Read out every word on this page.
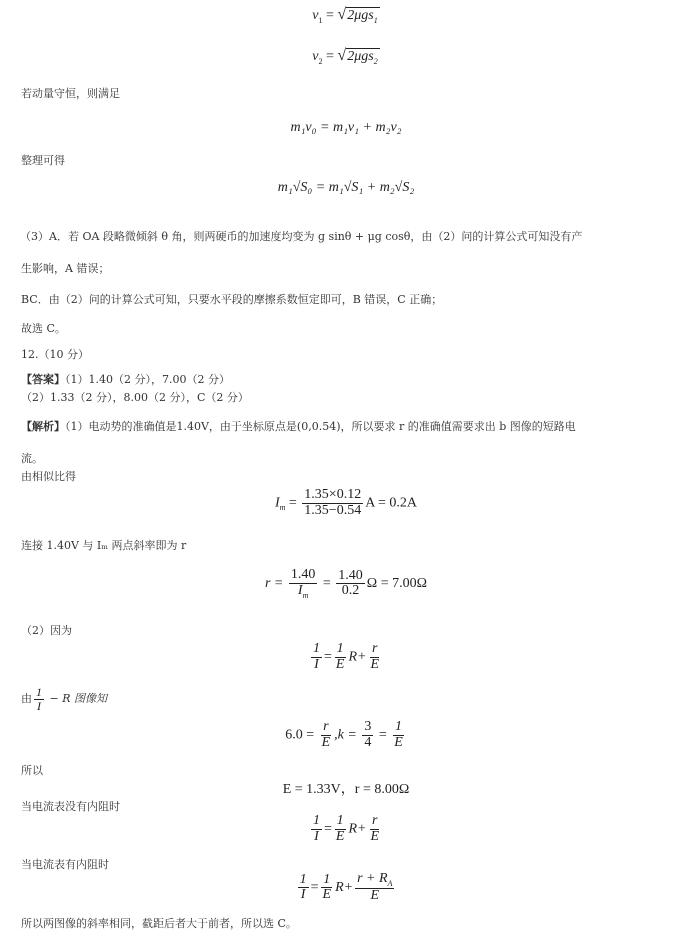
$v_1 = √2\mu gs_1$
$v_2 = √2\mu gs_2$
若动量守恒，则满足
m₁v₀ = m₁v₁ + m₂v₂
整理可得
m₁√S₀ = m₁√S₁ + m₂√S₂
（3）A．若 OA 段略微倾斜 θ 角，则两硬币的加速度均变为 g sinθ + μg cosθ，由（2）问的计算公式可知没有产
生影响，A 错误；
BC．由（2）问的计算公式可知，只要水平段的摩擦系数恒定即可，B 错误，C 正确；
故选 C。
12.（10 分）
【答案】（1）1.40（2 分），7.00（2 分）
（2）1.33（2 分），8.00（2 分），C（2 分）
【解析】（1）电动势的准确值是1.40V，由于坐标原点是(0,0.54)，所以要求 r 的准确值需要求出 b 图像的短路电
流。
由相似比得
$I_m = \frac{1.35\times 0.12}{1.35-0.54}$ A = 0.2A
连接 1.40V 与 Iₘ 两点斜率即为 r
$r = \frac{1.40}{I_m} = \frac{1.40}{0.2}$ Ω = 7.00Ω
（2）因为
$\frac{1}{I} = \frac{1}{E} R+ \frac{r}{E}$
由 $\frac{1}{I} - R$ 图像知
$6.0 = \frac{r}{E} ,k = \frac{3}{4} = \frac{1}{E}$
所以
E = 1.33V，r = 8.00Ω
当电流表没有内阻时
$\frac{1}{I} = \frac{1}{E} R+ \frac{r}{E}$
当电流表有内阻时
$\frac{1}{I} = \frac{1}{E} R+ \frac{r + R_A}{E}$
所以两图像的斜率相同，截距后者大于前者，所以选 C。
